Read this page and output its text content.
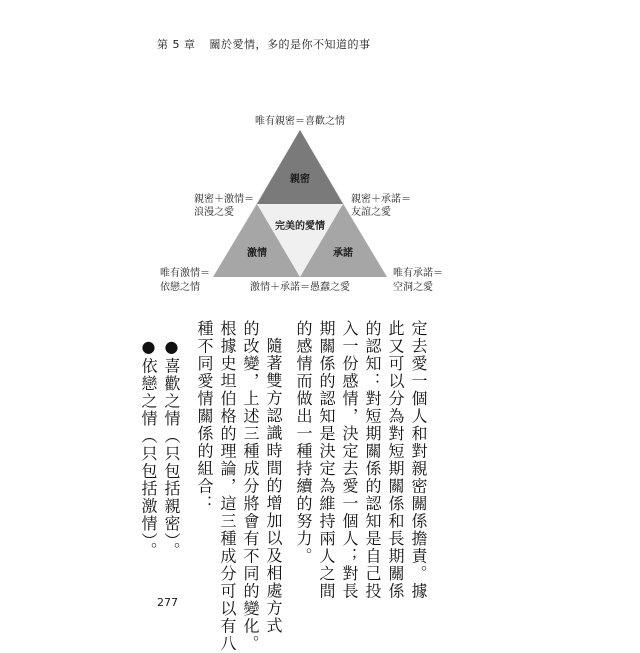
第 5 章 關於愛情，多的是你不知道的事
唯有親密＝喜歡之情
親密＋激情＝
浪漫之愛
親密＋承諾＝
友誼之愛
唯有激情＝
依戀之情
唯有承諾＝
空洞之愛
激情＋承諾＝愚蠢之愛
親密
完美的愛情
激情	承諾
定去愛一個人和對親密關係擔責。據
此又可以分為對短期關係和長期關係
的認知：對短期關係的認知是自己投
入一份感情，決定去愛一個人；對長
期關係的認知是決定為維持兩人之間
的感情而做出一種持續的努力。
隨著雙方認識時間的增加以及相處方式
的改變，上述三種成分將會有不同的變化。
根據史坦伯格的理論，這三種成分可以有八
種不同愛情關係的組合：
●喜歡之情（只包括親密）。
●依戀之情（只包括激情）。
277
